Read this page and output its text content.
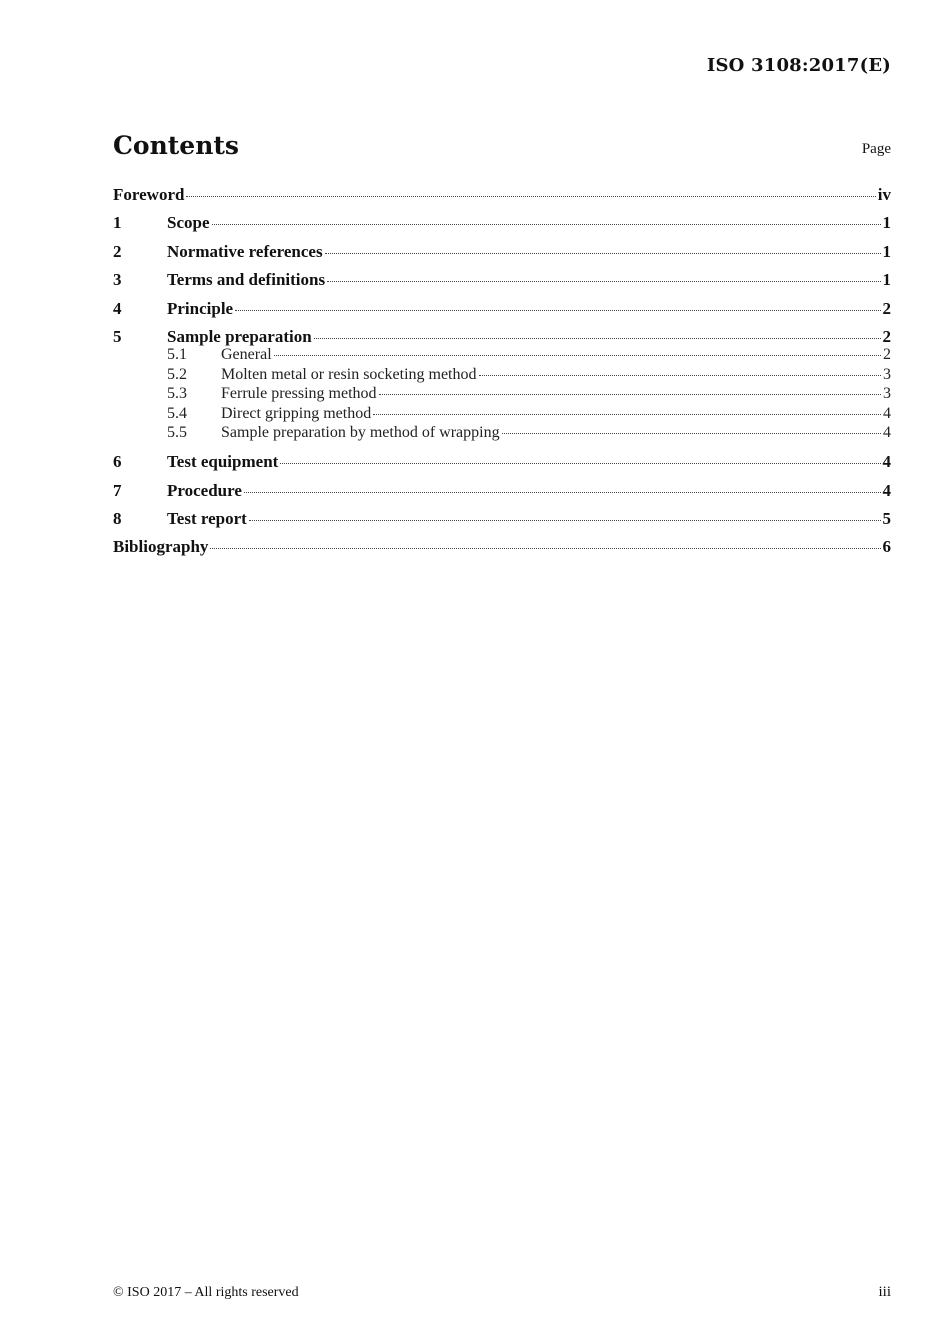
ISO 3108:2017(E)
Contents	Page
Foreword	iv
1	Scope	1
2	Normative references	1
3	Terms and definitions	1
4	Principle	2
5	Sample preparation	2
5.1	General	2
5.2	Molten metal or resin socketing method	3
5.3	Ferrule pressing method	3
5.4	Direct gripping method	4
5.5	Sample preparation by method of wrapping	4
6	Test equipment	4
7	Procedure	4
8	Test report	5
Bibliography	6
© ISO 2017 – All rights reserved	iii
